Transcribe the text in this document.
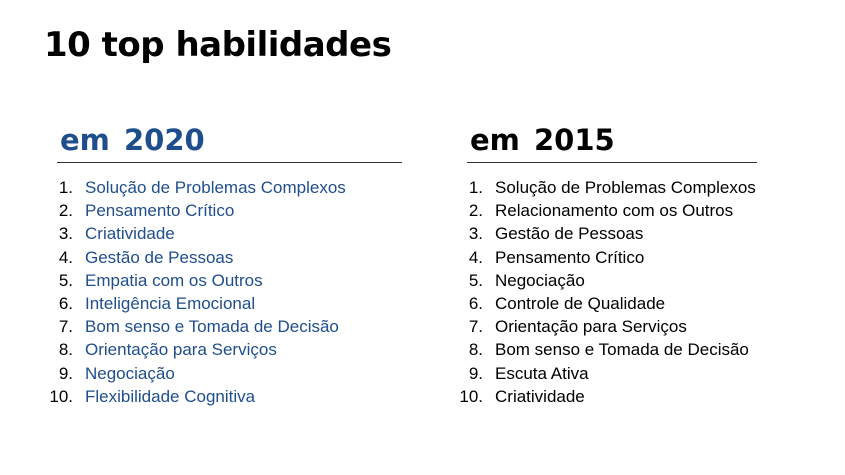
10 top habilidades
em 2020
1. Solução de Problemas Complexos
2. Pensamento Crítico
3. Criatividade
4. Gestão de Pessoas
5. Empatia com os Outros
6. Inteligência Emocional
7. Bom senso e Tomada de Decisão
8. Orientação para Serviços
9. Negociação
10. Flexibilidade Cognitiva
em 2015
1. Solução de Problemas Complexos
2. Relacionamento com os Outros
3. Gestão de Pessoas
4. Pensamento Crítico
5. Negociação
6. Controle de Qualidade
7. Orientação para Serviços
8. Bom senso e Tomada de Decisão
9. Escuta Ativa
10. Criatividade
